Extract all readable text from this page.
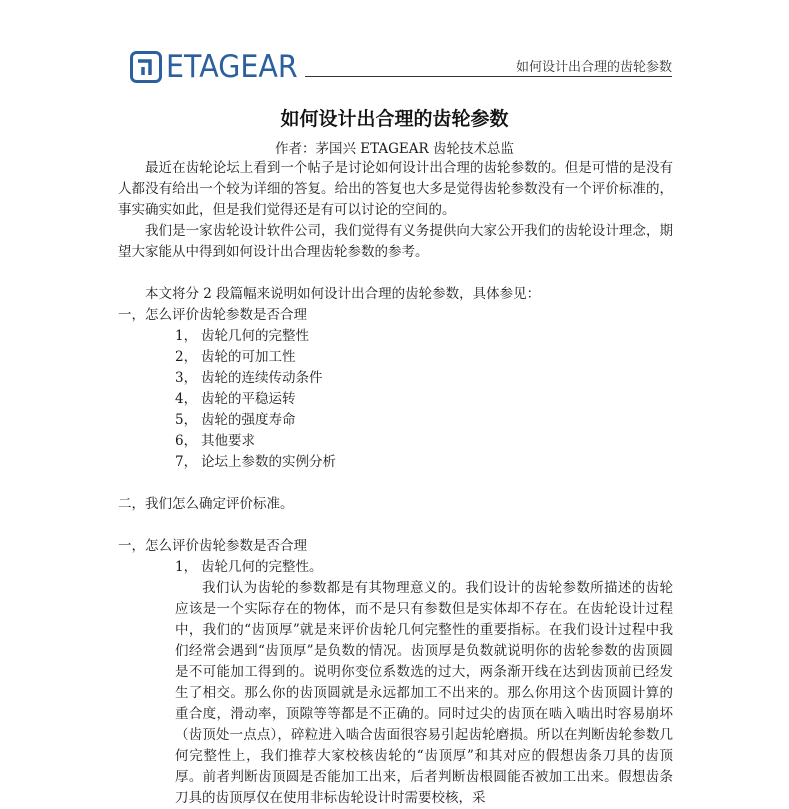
ETAGEAR	如何设计出合理的齿轮参数
如何设计出合理的齿轮参数
作者：茅国兴 ETAGEAR 齿轮技术总监

最近在齿轮论坛上看到一个帖子是讨论如何设计出合理的齿轮参数的。但是可惜的是没有人都没有给出一个较为详细的答复。给出的答复也大多是觉得齿轮参数没有一个评价标准的，事实确实如此，但是我们觉得还是有可以讨论的空间的。

我们是一家齿轮设计软件公司，我们觉得有义务提供向大家公开我们的齿轮设计理念，期望大家能从中得到如何设计出合理齿轮参数的参考。

本文将分 2 段篇幅来说明如何设计出合理的齿轮参数，具体参见：

一，怎么评价齿轮参数是否合理

1， 齿轮几何的完整性
2， 齿轮的可加工性
3， 齿轮的连续传动条件
4， 齿轮的平稳运转
5， 齿轮的强度寿命
6， 其他要求
7， 论坛上参数的实例分析

二，我们怎么确定评价标准。

一，怎么评价齿轮参数是否合理

1， 齿轮几何的完整性。

我们认为齿轮的参数都是有其物理意义的。我们设计的齿轮参数所描述的齿轮应该是一个实际存在的物体，而不是只有参数但是实体却不存在。在齿轮设计过程中，我们的“齿顶厚”就是来评价齿轮几何完整性的重要指标。在我们设计过程中我们经常会遇到“齿顶厚”是负数的情况。齿顶厚是负数就说明你的齿轮参数的齿顶圆是不可能加工得到的。说明你变位系数选的过大，两条渐开线在达到齿顶前已经发生了相交。那么你的齿顶圆就是永远都加工不出来的。那么你用这个齿顶圆计算的重合度，滑动率，顶隙等等都是不正确的。同时过尖的齿顶在啮入啮出时容易崩坏（齿顶处一点点），碎粒进入啮合齿面很容易引起齿轮磨损。所以在判断齿轮参数几何完整性上，我们推荐大家校核齿轮的“齿顶厚”和其对应的假想齿条刀具的齿顶厚。前者判断齿顶圆是否能加工出来，后者判断齿根圆能否被加工出来。假想齿条刀具的齿顶厚仅在使用非标齿轮设计时需要校核，采
